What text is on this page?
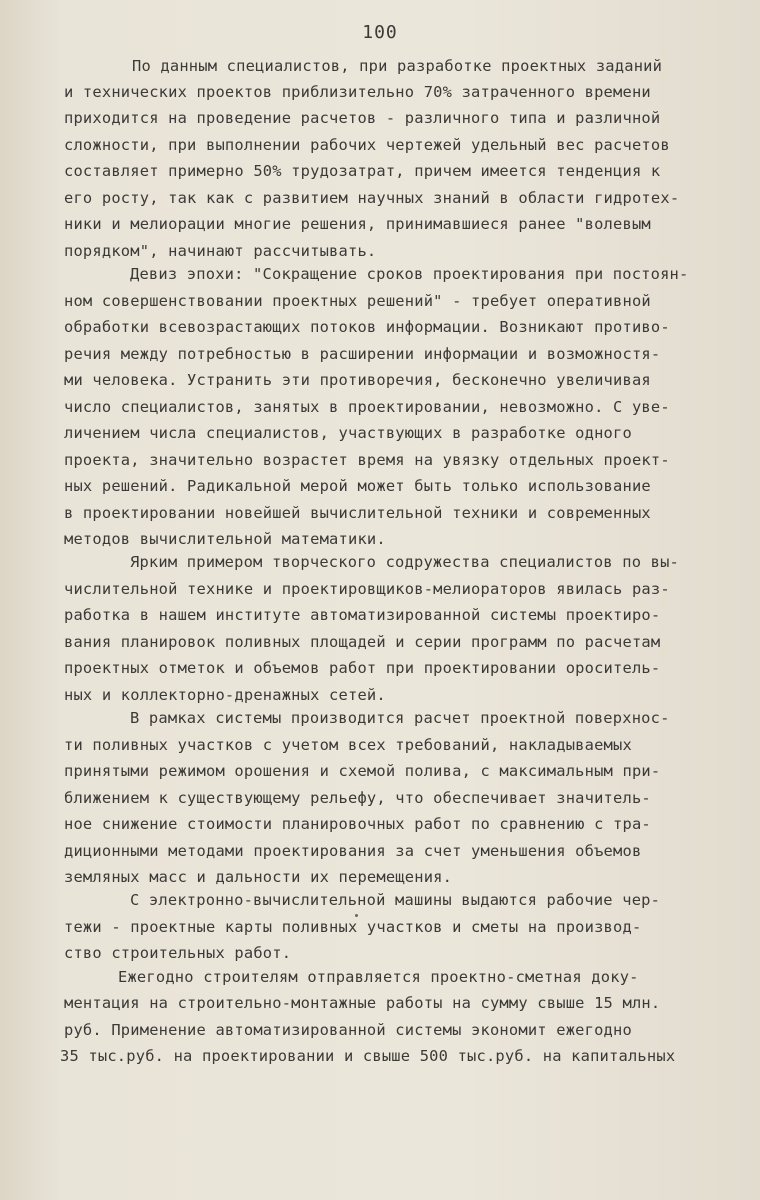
100
По данным специалистов, при разработке проектных заданий
и технических проектов приблизительно 70% затраченного времени
приходится на проведение расчетов - различного типа и различной
сложности, при выполнении рабочих чертежей удельный вес расчетов
составляет примерно 50% трудозатрат, причем имеется тенденция к
его росту, так как с развитием научных знаний в области гидротех-
ники и мелиорации многие решения, принимавшиеся ранее "волевым
порядком", начинают рассчитывать.
Девиз эпохи: "Сокращение сроков проектирования при постоян-
ном совершенствовании проектных решений" - требует оперативной
обработки всевозрастающих потоков информации. Возникают противо-
речия между потребностью в расширении информации и возможностя-
ми человека. Устранить эти противоречия, бесконечно увеличивая
число специалистов, занятых в проектировании, невозможно. С уве-
личением числа специалистов, участвующих в разработке одного
проекта, значительно возрастет время на увязку отдельных проект-
ных решений. Радикальной мерой может быть только использование
в проектировании новейшей вычислительной техники и современных
методов вычислительной математики.
Ярким примером творческого содружества специалистов по вы-
числительной технике и проектировщиков-мелиораторов явилась раз-
работка в нашем институте автоматизированной системы проектиро-
вания планировок поливных площадей и серии программ по расчетам
проектных отметок и объемов работ при проектировании ороситель-
ных и коллекторно-дренажных сетей.
В рамках системы производится расчет проектной поверхнос-
ти поливных участков с учетом всех требований, накладываемых
принятыми режимом орошения и схемой полива, с максимальным при-
ближением к существующему рельефу, что обеспечивает значитель-
ное снижение стоимости планировочных работ по сравнению с тра-
диционными методами проектирования за счет уменьшения объемов
земляных масс и дальности их перемещения.
С электронно-вычислительной машины выдаются рабочие чер-
тежи - проектные карты поливных участков и сметы на производ-
ство строительных работ.
Ежегодно строителям отправляется проектно-сметная доку-
ментация на строительно-монтажные работы на сумму свыше 15 млн.
руб. Применение автоматизированной системы экономит ежегодно
35 тыс.руб. на проектировании и свыше 500 тыс.руб. на капитальных
